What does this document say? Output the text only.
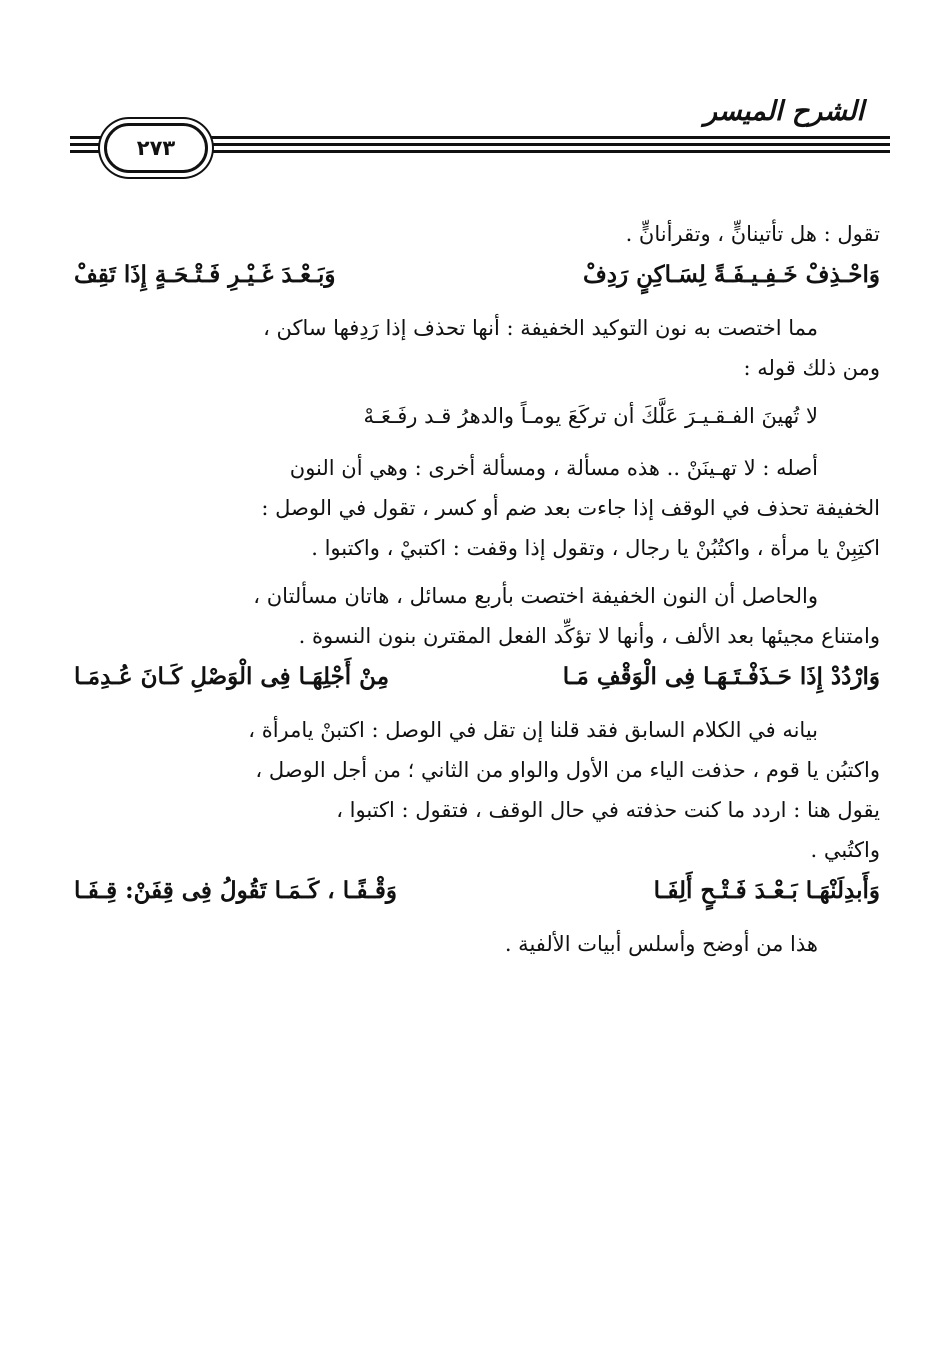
الشرح الميسر
٢٧٣

تقول : هل تأتينانٍّ ، وتقرأنانٍّ .

وَاحْـذِفْ خَـفِـيـفَـةً لِسَـاكِنٍ رَدِفْ
وَبَـعْـدَ غَـيْـرِ فَـتْـحَـةٍ إِذَا تَقِفْ

مما اختصت به نون التوكيد الخفيفة : أنها تحذف إذا رَدِفها ساكن ،

ومن ذلك قوله :

لا تُهينَ الفـقـيـرَ عَلَّكَ أن تركَعَ يومـاً والدهرُ قـد رفَـعَـهْ

أصله : لا تهـينَنْ .. هذه مسألة ، ومسألة أخرى : وهي أن النون

الخفيفة تحذف في الوقف إذا جاءت بعد ضم أو كسر ، تقول في الوصل :

اكتِبِنْ يا مرأة ، واكتُبُنْ يا رجال ، وتقول إذا وقفت : اكتبيْ ، واكتبوا .

والحاصل أن النون الخفيفة اختصت بأربع مسائل ، هاتان مسألتان ،

وامتناع مجيئها بعد الألف ، وأنها لا تؤكِّد الفعل المقترن بنون النسوة .

وَارْدُدْ إِذَا حَـذَفْـتَـهَـا فِى الْوَقْفِ مَـا
مِنْ أَجْلِهَـا فِى الْوَصْلِ كَـانَ عُـدِمَـا

بيانه في الكلام السابق فقد قلنا إن تقل في الوصل : اكتبنْ يامرأة ،

واكتبُن يا قوم ، حذفت الياء من الأول والواو من الثاني ؛ من أجل الوصل ،

يقول هنا : اردد ما كنت حذفته في حال الوقف ، فتقول : اكتبوا ،

واكتُبي .

وَأَبدِلَنْهَـا بَـعْـدَ فَـتْـحٍ أَلِفَـا
وَقْـفًـا ، كَـمَـا تَقُولُ فِى قِفَنْ: قِـفَـا

هذا من أوضح وأسلس أبيات الألفية .
